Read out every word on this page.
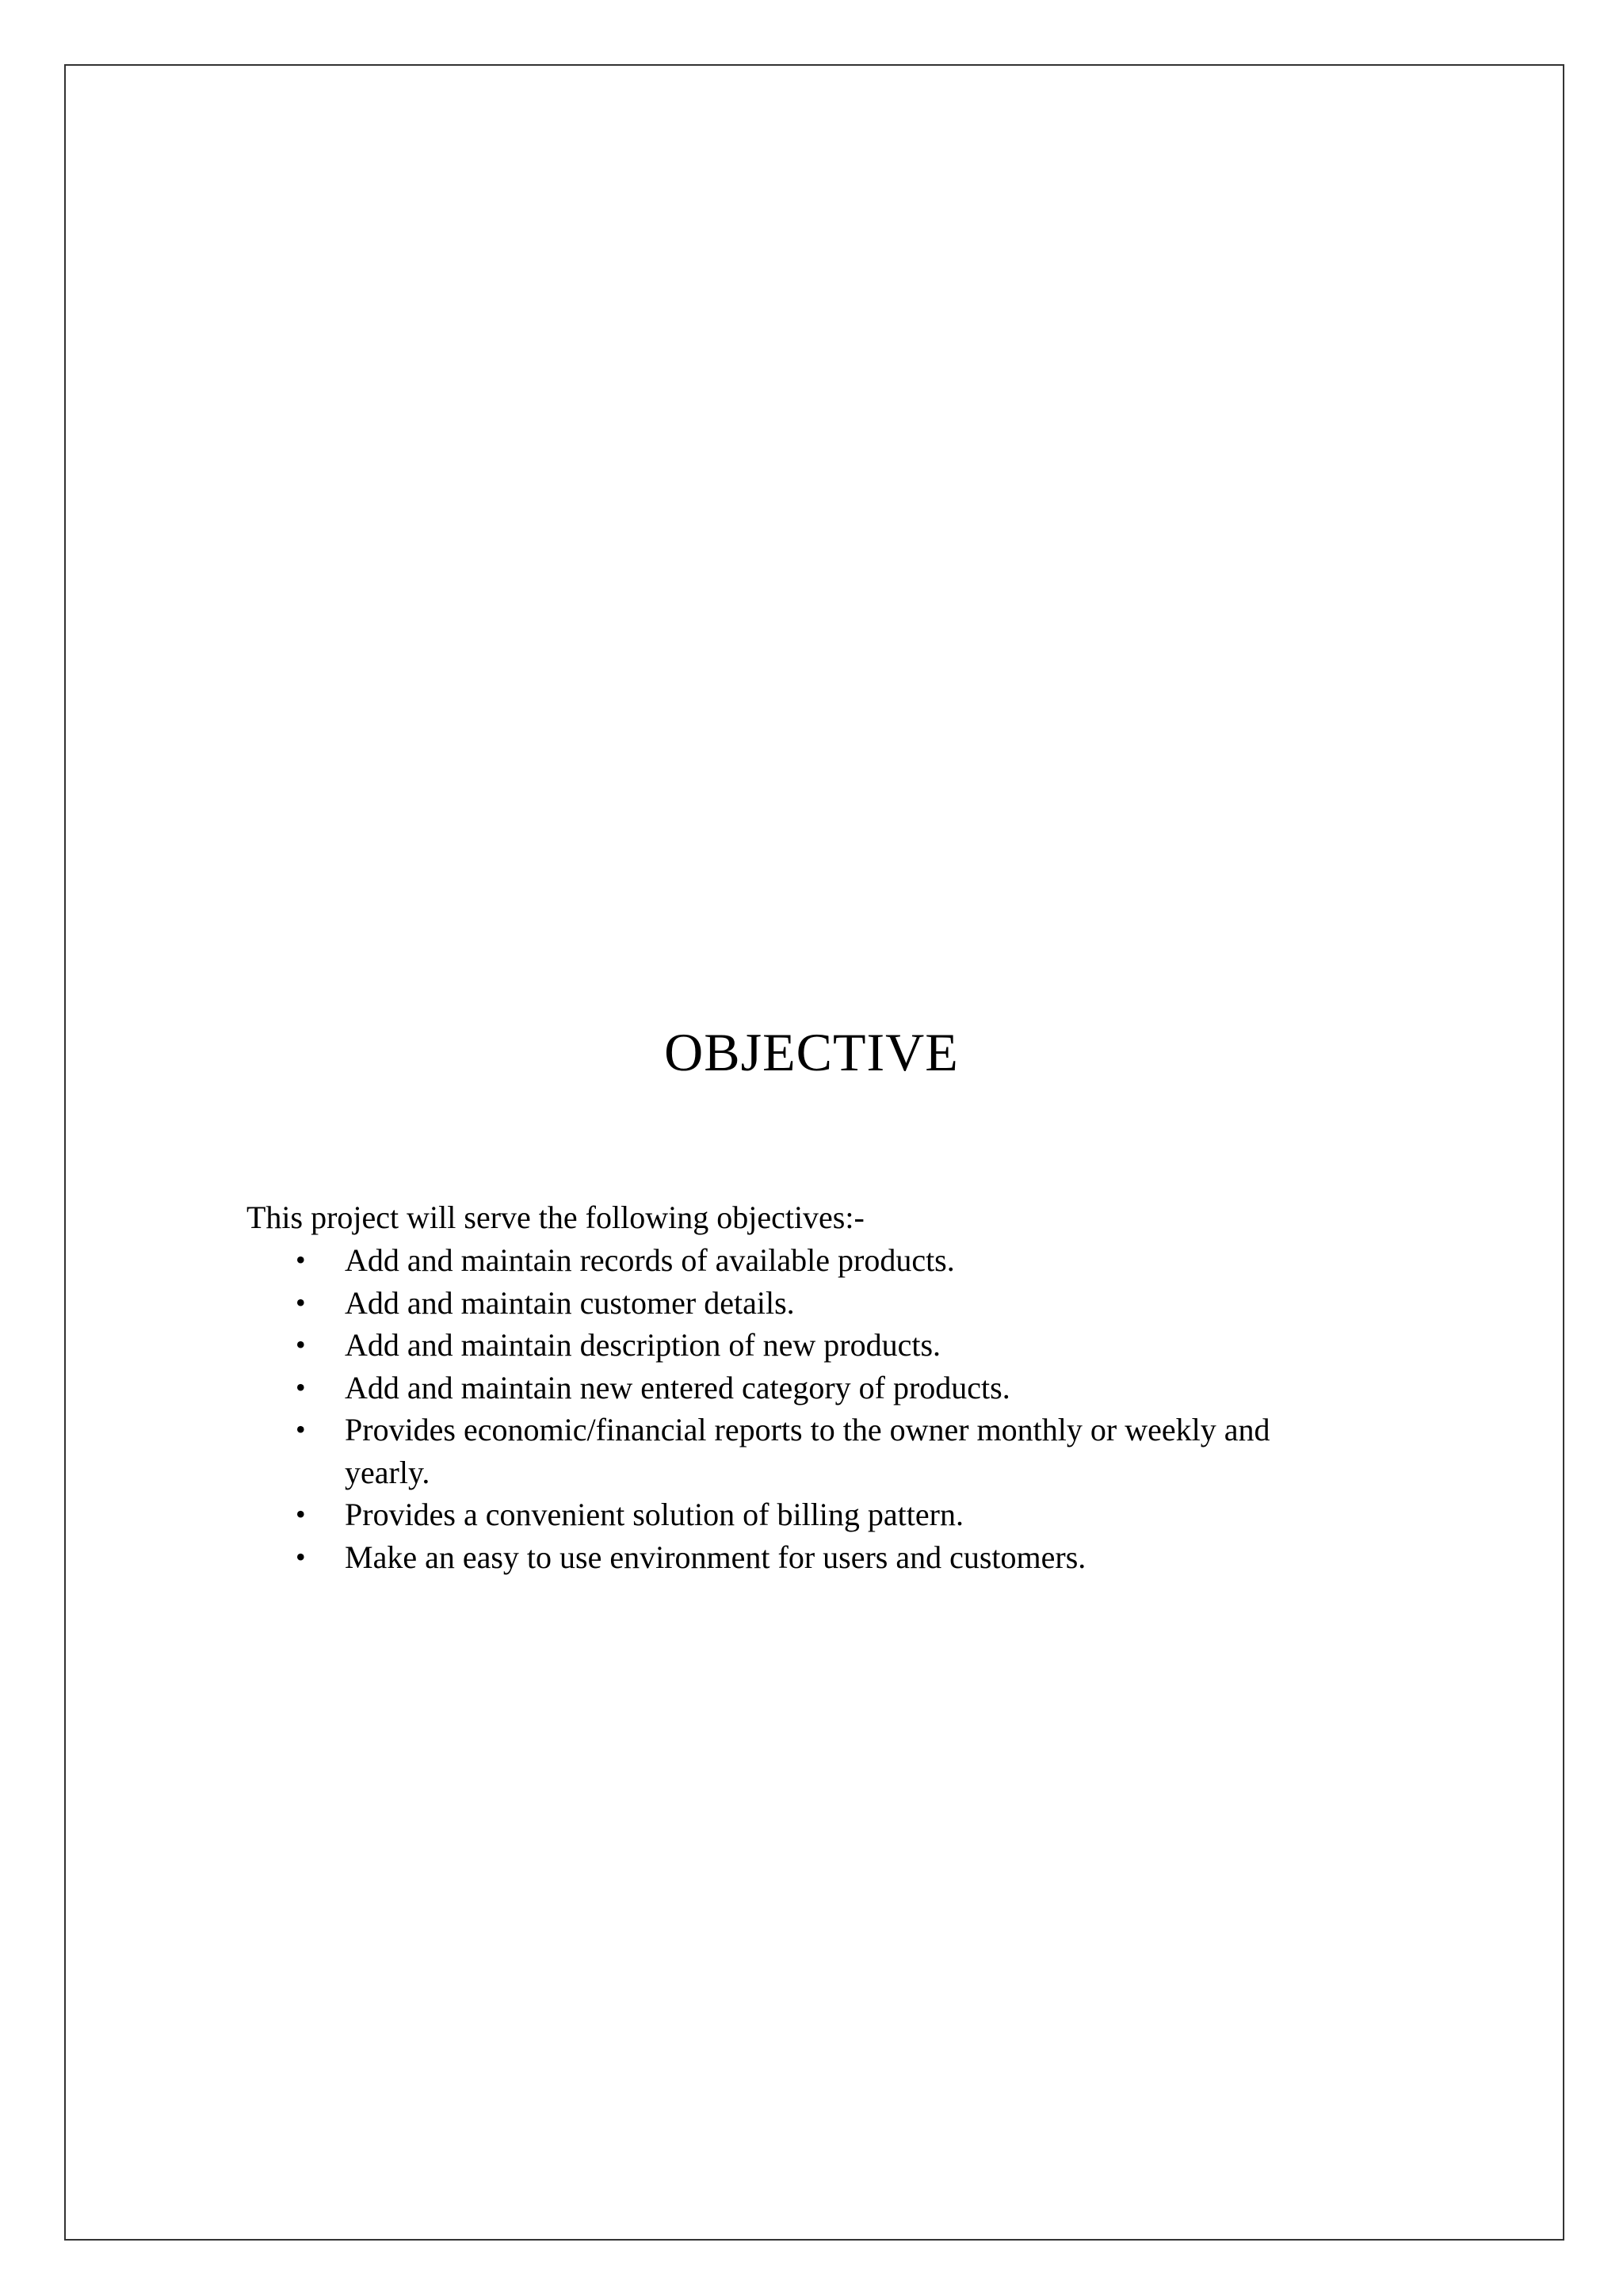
OBJECTIVE

This project will serve the following objectives:-

• Add and maintain records of available products.
• Add and maintain customer details.
• Add and maintain description of new products.
• Add and maintain new entered category of products.
• Provides economic/financial reports to the owner monthly or weekly and yearly.
• Provides a convenient solution of billing pattern.
• Make an easy to use environment for users and customers.
